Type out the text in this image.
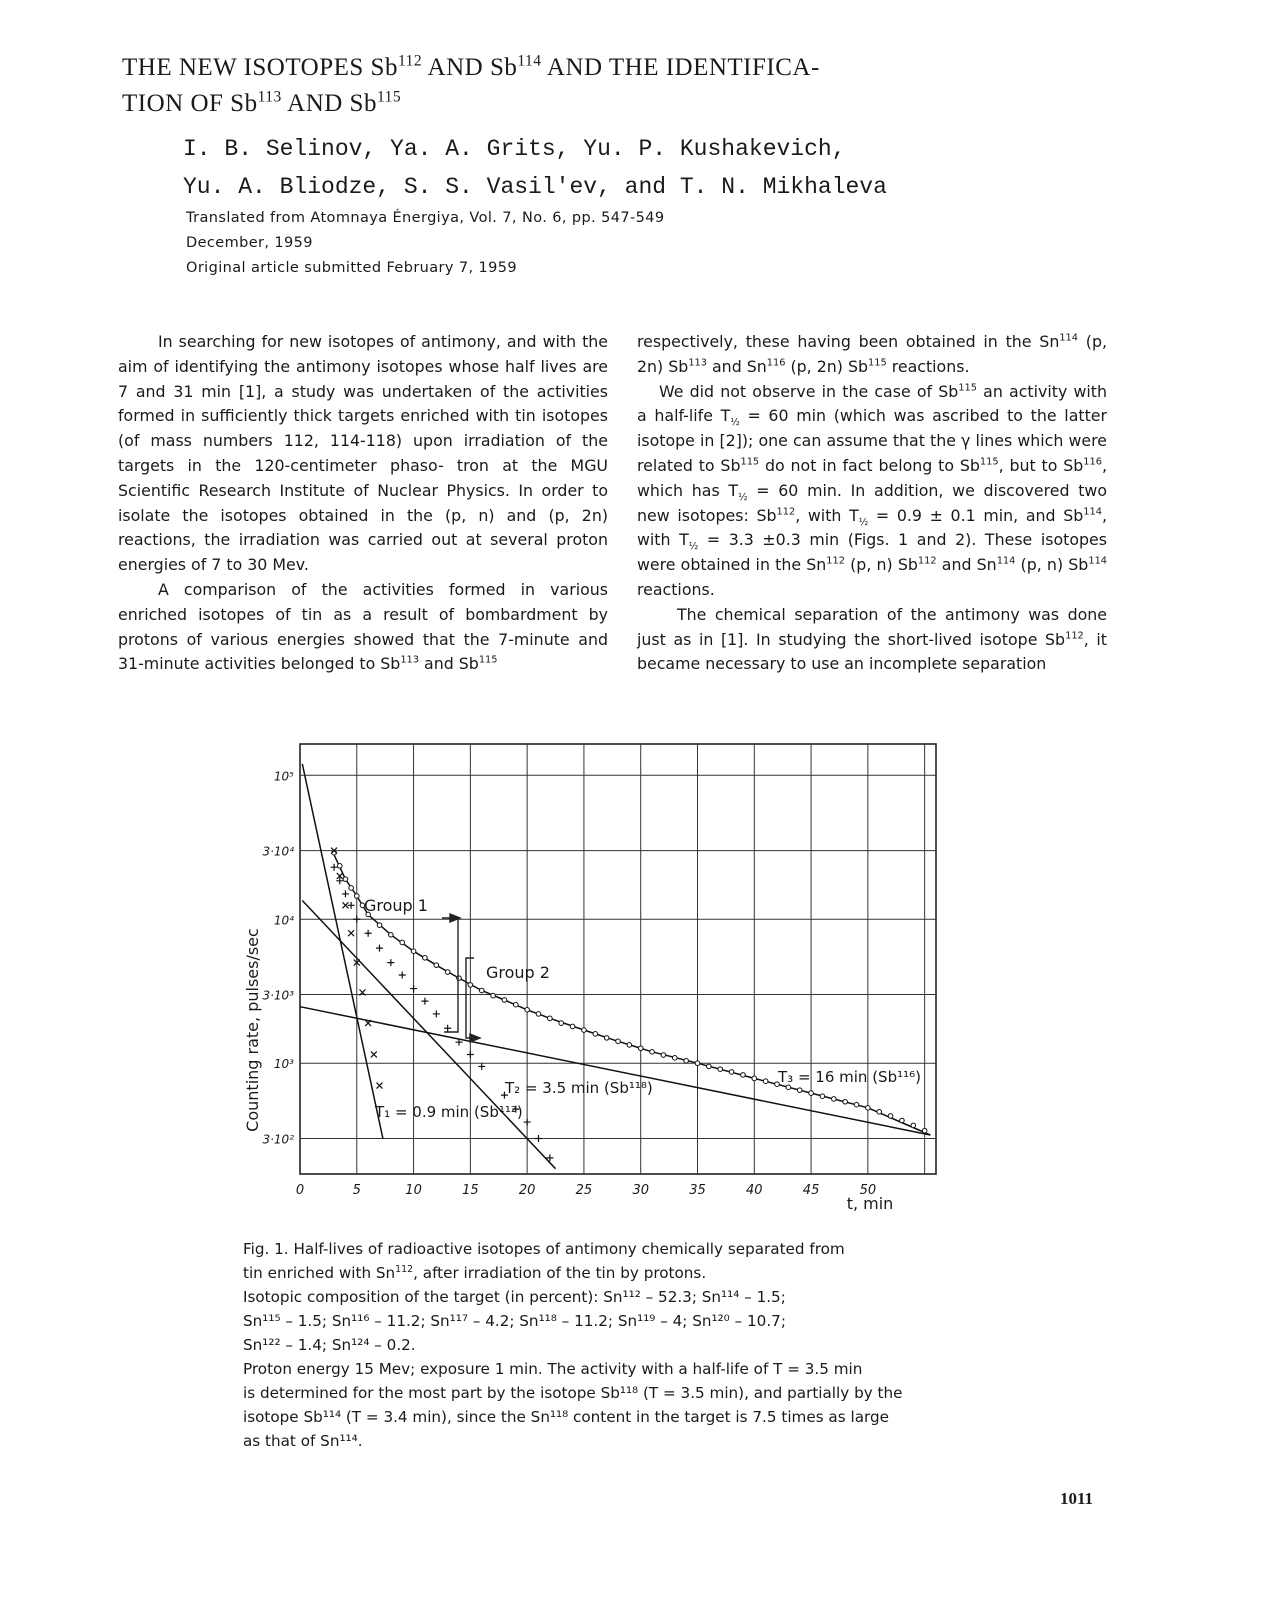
THE NEW ISOTOPES Sb$^{112}$ AND Sb$^{114}$ AND THE IDENTIFICA-
TION OF Sb$^{113}$ AND Sb$^{115}$
I. B. Selinov, Ya. A. Grits, Yu. P. Kushakevich,
Yu. A. Bliodze, S. S. Vasil'ev, and T. N. Mikhaleva
Translated from Atomnaya Énergiya, Vol. 7, No. 6, pp. 547-549
December, 1959
Original article submitted February 7, 1959

In searching for new isotopes of antimony, and with the aim of identifying the antimony isotopes whose half lives are 7 and 31 min [1], a study was undertaken of the activities formed in sufficiently thick targets enriched with tin isotopes (of mass numbers 112, 114-118) upon irradiation of the targets in the 120-centimeter phaso- tron at the MGU Scientific Research Institute of Nuclear Physics. In order to isolate the isotopes obtained in the (p, n) and (p, 2n) reactions, the irradiation was carried out at several proton energies of 7 to 30 Mev.

A comparison of the activities formed in various enriched isotopes of tin as a result of bombardment by protons of various energies showed that the 7-minute and 31-minute activities belonged to Sb$^{113}$ and Sb$^{115}$

respectively, these having been obtained in the Sn$^{114}$ (p, 2n) Sb$^{113}$ and Sn$^{116}$ (p, 2n) Sb$^{115}$ reactions.

We did not observe in the case of Sb$^{115}$ an activity with a half-life $T_{\frac{1}{2}} = 60$ min (which was ascribed to the latter isotope in [2]); one can assume that the γ lines which were related to Sb$^{115}$ do not in fact belong to Sb$^{115}$, but to Sb$^{116}$, which has $T_{\frac{1}{2}} = 60$ min. In addition, we discovered two new isotopes: Sb$^{112}$, with $T_{\frac{1}{2}} = 0.9 \pm 0.1$ min, and Sb$^{114}$, with $T_{\frac{1}{2}} = 3.3 \pm 0.3$ min (Figs. 1 and 2). These isotopes were obtained in the Sn$^{112}$ (p, n) Sb$^{112}$ and Sn$^{114}$ (p, n) Sb$^{114}$ reactions.

The chemical separation of the antimony was done just as in [1]. In studying the short-lived isotope Sb$^{112}$, it became necessary to use an incomplete separation

0	5	10	15	20	25	30	35	40	45	50
3·10²
10³
3·10³
10⁴
3·10⁴
10⁵
Counting rate, pulses/sec
t, min
Group 1
Group 2
T₁ = 0.9 min (Sb¹¹²)
T₂ = 3.5 min (Sb¹¹⁸)
T₃ = 16 min (Sb¹¹⁶)

Fig. 1. Half-lives of radioactive isotopes of antimony chemically separated from

tin enriched with Sn$^{112}$, after irradiation of the tin by protons.

Isotopic composition of the target (in percent): Sn¹¹² – 52.3; Sn¹¹⁴ – 1.5;

Sn¹¹⁵ – 1.5; Sn¹¹⁶ – 11.2; Sn¹¹⁷ – 4.2; Sn¹¹⁸ – 11.2; Sn¹¹⁹ – 4; Sn¹²⁰ – 10.7;

Sn¹²² – 1.4; Sn¹²⁴ – 0.2.

Proton energy 15 Mev; exposure 1 min. The activity with a half-life of T = 3.5 min

is determined for the most part by the isotope Sb¹¹⁸ (T = 3.5 min), and partially by the

isotope Sb¹¹⁴ (T = 3.4 min), since the Sn¹¹⁸ content in the target is 7.5 times as large

as that of Sn¹¹⁴.

1011
